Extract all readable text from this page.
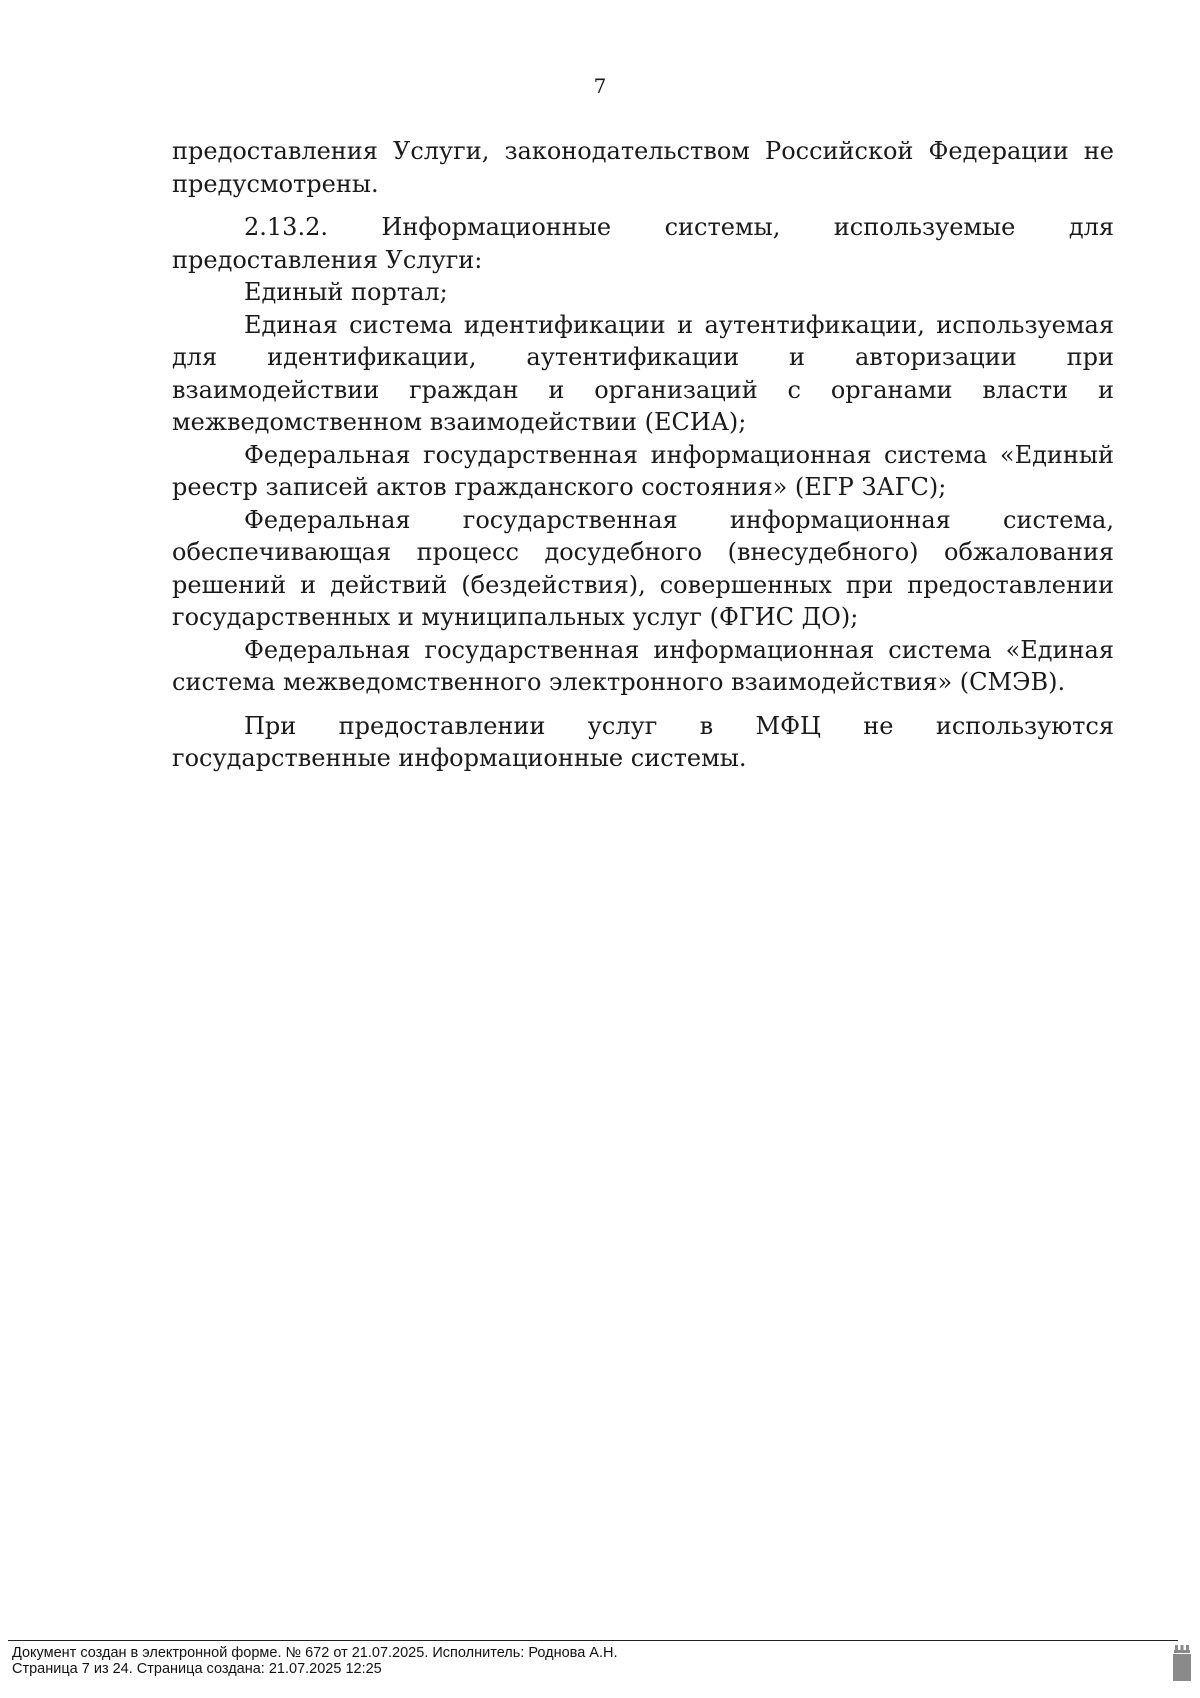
7

предоставления Услуги, законодательством Российской Федерации не предусмотрены.

2.13.2. Информационные системы, используемые для предоставления Услуги:

Единый портал;

Единая система идентификации и аутентификации, используемая для идентификации, аутентификации и авторизации при взаимодействии граждан и организаций с органами власти и межведомственном взаимодействии (ЕСИА);

Федеральная государственная информационная система «Единый реестр записей актов гражданского состояния» (ЕГР ЗАГС);

Федеральная государственная информационная система, обеспечивающая процесс досудебного (внесудебного) обжалования решений и действий (бездействия), совершенных при предоставлении государственных и муниципальных услуг (ФГИС ДО);

Федеральная государственная информационная система «Единая система межведомственного электронного взаимодействия» (СМЭВ).

При предоставлении услуг в МФЦ не используются государственные информационные системы.

Документ создан в электронной форме. № 672 от 21.07.2025. Исполнитель: Роднова А.Н.
Страница 7 из 24. Страница создана: 21.07.2025 12:25
